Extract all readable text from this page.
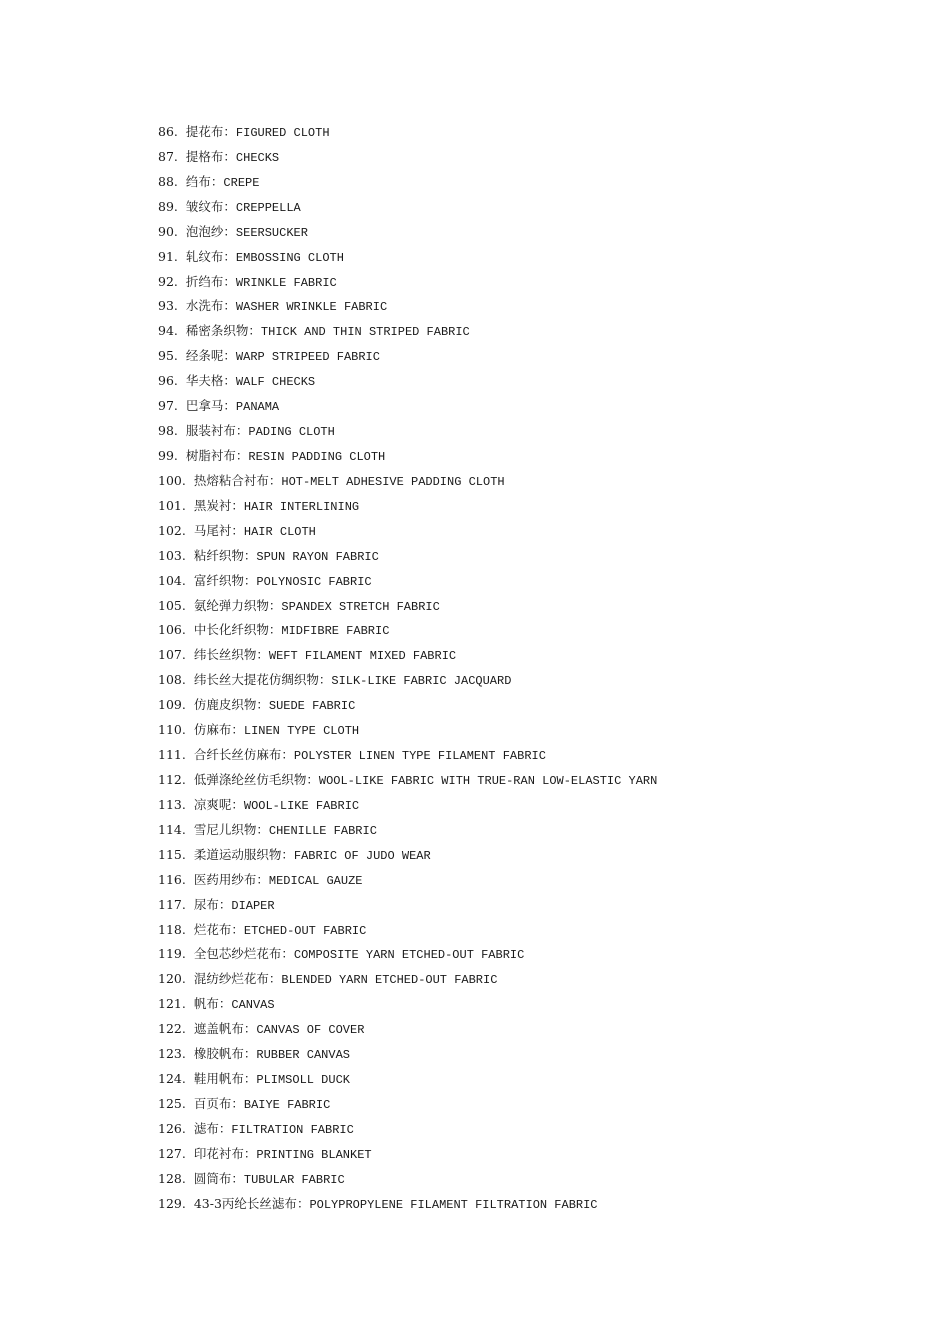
86. 提花布：FIGURED CLOTH
87. 提格布：CHECKS
88. 绉布：CREPE
89. 皱纹布：CREPPELLA
90. 泡泡纱：SEERSUCKER
91. 轧纹布：EMBOSSING CLOTH
92. 折绉布：WRINKLE FABRIC
93. 水洗布：WASHER WRINKLE FABRIC
94. 稀密条织物：THICK AND THIN STRIPED FABRIC
95. 经条呢：WARP STRIPEED FABRIC
96. 华夫格：WALF CHECKS
97. 巴拿马：PANAMA
98. 服装衬布：PADING CLOTH
99. 树脂衬布：RESIN PADDING CLOTH
100. 热熔粘合衬布：HOT-MELT ADHESIVE PADDING CLOTH
101. 黑炭衬：HAIR INTERLINING
102. 马尾衬：HAIR CLOTH
103. 粘纤织物：SPUN RAYON FABRIC
104. 富纤织物：POLYNOSIC FABRIC
105. 氨纶弹力织物：SPANDEX STRETCH FABRIC
106. 中长化纤织物：MIDFIBRE FABRIC
107. 纬长丝织物：WEFT FILAMENT MIXED FABRIC
108. 纬长丝大提花仿绸织物：SILK-LIKE FABRIC JACQUARD
109. 仿鹿皮织物：SUEDE FABRIC
110. 仿麻布：LINEN TYPE CLOTH
111. 合纤长丝仿麻布：POLYSTER LINEN TYPE FILAMENT FABRIC
112. 低弹涤纶丝仿毛织物：WOOL-LIKE FABRIC WITH TRUE-RAN LOW-ELASTIC YARN
113. 凉爽呢：WOOL-LIKE FABRIC
114. 雪尼儿织物：CHENILLE FABRIC
115. 柔道运动服织物：FABRIC OF JUDO WEAR
116. 医药用纱布：MEDICAL GAUZE
117. 尿布：DIAPER
118. 烂花布：ETCHED-OUT FABRIC
119. 全包芯纱烂花布：COMPOSITE YARN ETCHED-OUT FABRIC
120. 混纺纱烂花布：BLENDED YARN ETCHED-OUT FABRIC
121. 帆布：CANVAS
122. 遮盖帆布：CANVAS OF COVER
123. 橡胶帆布：RUBBER CANVAS
124. 鞋用帆布：PLIMSOLL DUCK
125. 百页布：BAIYE FABRIC
126. 滤布：FILTRATION FABRIC
127. 印花衬布：PRINTING BLANKET
128. 圆筒布：TUBULAR FABRIC
129. 43-3丙纶长丝滤布：POLYPROPYLENE FILAMENT FILTRATION FABRIC
